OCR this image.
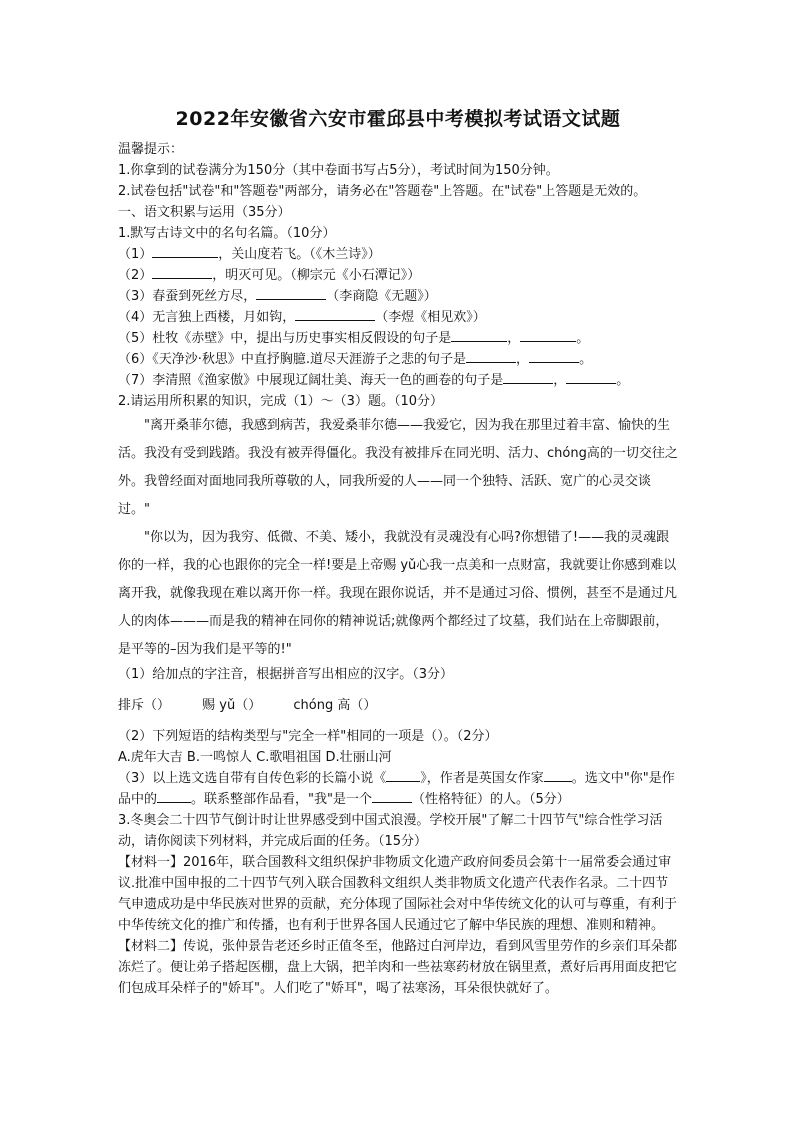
2022年安徽省六安市霍邱县中考模拟考试语文试题
温馨提示：
1.你拿到的试卷满分为150分（其中卷面书写占5分），考试时间为150分钟。
2.试卷包括"试卷"和"答题卷"两部分，请务必在"答题卷"上答题。在"试卷"上答题是无效的。
一、语文积累与运用（35分）
1.默写古诗文中的名句名篇。（10分）
（1）	，关山度若飞。（《木兰诗》）
（2）	，明灭可见。（柳宗元《小石潭记》）
（3）春蚕到死丝方尽，	（李商隐《无题》）
（4）无言独上西楼，月如钩，	（李煜《相见欢》）
（5）杜牧《赤壁》中，提出与历史事实相反假设的句子是	，	。
（6）《天净沙·秋思》中直抒胸臆.道尽天涯游子之悲的句子是	，	。
（7）李清照《渔家傲》中展现辽阔壮美、海天一色的画卷的句子是	，	。
2.请运用所积累的知识，完成（1）～（3）题。（10分）
"离开桑菲尔德，我感到病苦，我爱桑菲尔德——我爱它，因为我在那里过着丰富、愉快的生活。我没有受到践踏。我没有被弄得僵化。我没有被排斥在同光明、活力、chóng高的一切交往之外。我曾经面对面地同我所尊敬的人，同我所爱的人——同一个独特、活跃、宽广的心灵交谈过。"
"你以为，因为我穷、低微、不美、矮小，我就没有灵魂没有心吗?你想错了!——我的灵魂跟你的一样，我的心也跟你的完全一样!要是上帝赐 yǔ心我一点美和一点财富，我就要让你感到难以离开我，就像我现在难以离开你一样。我现在跟你说话，并不是通过习俗、惯例，甚至不是通过凡人的肉体———而是我的精神在同你的精神说话;就像两个都经过了坟墓，我们站在上帝脚跟前，是平等的–因为我们是平等的!"
（1）给加点的字注音，根据拼音写出相应的汉字。（3分）
排斥（） 赐 yǔ（） chóng 高（）
（2）下列短语的结构类型与"完全一样"相同的一项是（）。（2分）
A.虎年大吉 B.一鸣惊人 C.歌唱祖国 D.壮丽山河
（3）以上选文选自带有自传色彩的长篇小说《	》，作者是英国女作家 。选文中"你"是作品中的	。联系整部作品看，"我"是一个	（性格特征）的人。（5分）
3.冬奥会二十四节气倒计时让世界感受到中国式浪漫。学校开展"了解二十四节气"综合性学习活动，请你阅读下列材料，并完成后面的任务。（15分）
【材料一】2016年，联合国教科文组织保护非物质文化遗产政府间委员会第十一届常委会通过审议.批准中国申报的二十四节气列入联合国教科文组织人类非物质文化遗产代表作名录。二十四节气申遗成功是中华民族对世界的贡献，充分体现了国际社会对中华传统文化的认可与尊重，有利于中华传统文化的推广和传播，也有利于世界各国人民通过它了解中华民族的理想、准则和精神。
【材料二】传说，张仲景告老还乡时正值冬至，他路过白河岸边，看到风雪里劳作的乡亲们耳朵都冻烂了。便让弟子搭起医棚，盘上大锅，把羊肉和一些祛寒药材放在锅里煮，煮好后再用面皮把它们包成耳朵样子的"娇耳"。人们吃了"娇耳"，喝了祛寒汤，耳朵很快就好了。
